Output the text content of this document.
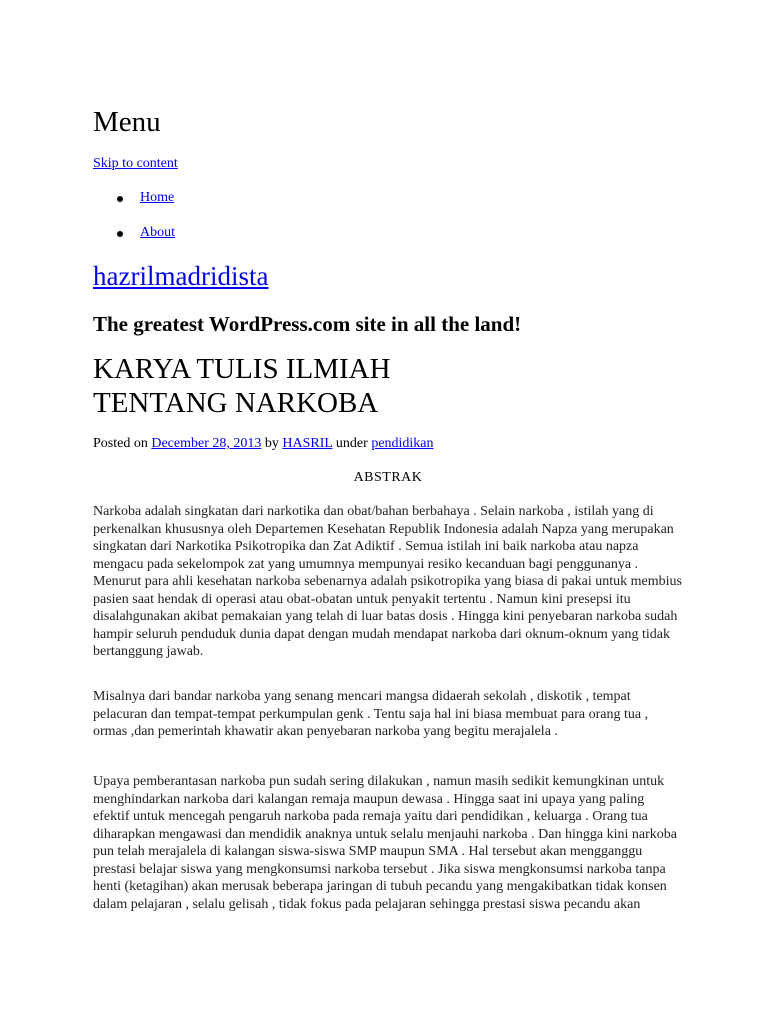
Menu
Skip to content
Home
About
hazrilmadridista
The greatest WordPress.com site in all the land!
KARYA TULIS ILMIAH TENTANG NARKOBA
Posted on December 28, 2013 by HASRIL under pendidikan
ABSTRAK

Narkoba adalah singkatan dari narkotika dan obat/bahan berbahaya . Selain narkoba , istilah yang di perkenalkan khususnya oleh Departemen Kesehatan Republik Indonesia adalah Napza yang merupakan singkatan dari Narkotika Psikotropika dan Zat Adiktif . Semua istilah ini baik narkoba atau napza mengacu pada sekelompok zat yang umumnya mempunyai resiko kecanduan bagi penggunanya . Menurut para ahli kesehatan narkoba sebenarnya adalah psikotropika yang biasa di pakai untuk membius pasien saat hendak di operasi atau obat-obatan untuk penyakit tertentu . Namun kini presepsi itu disalahgunakan akibat pemakaian yang telah di luar batas dosis . Hingga kini penyebaran narkoba sudah hampir seluruh penduduk dunia dapat dengan mudah mendapat narkoba dari oknum-oknum yang tidak bertanggung jawab.

Misalnya dari bandar narkoba yang senang mencari mangsa didaerah sekolah , diskotik , tempat pelacuran dan tempat-tempat perkumpulan genk . Tentu saja hal ini biasa membuat para orang tua , ormas ,dan pemerintah khawatir akan penyebaran narkoba yang begitu merajalela .

Upaya pemberantasan narkoba pun sudah sering dilakukan , namun masih sedikit kemungkinan untuk menghindarkan narkoba dari kalangan remaja maupun dewasa . Hingga saat ini upaya yang paling efektif untuk mencegah pengaruh narkoba pada remaja yaitu dari pendidikan , keluarga . Orang tua diharapkan mengawasi dan mendidik anaknya untuk selalu menjauhi narkoba . Dan hingga kini narkoba pun telah merajalela di kalangan siswa-siswa SMP maupun SMA . Hal tersebut akan mengganggu prestasi belajar siswa yang mengkonsumsi narkoba tersebut . Jika siswa mengkonsumsi narkoba tanpa henti (ketagihan) akan merusak beberapa jaringan di tubuh pecandu yang mengakibatkan tidak konsen dalam pelajaran , selalu gelisah , tidak fokus pada pelajaran sehingga prestasi siswa pecandu akan
